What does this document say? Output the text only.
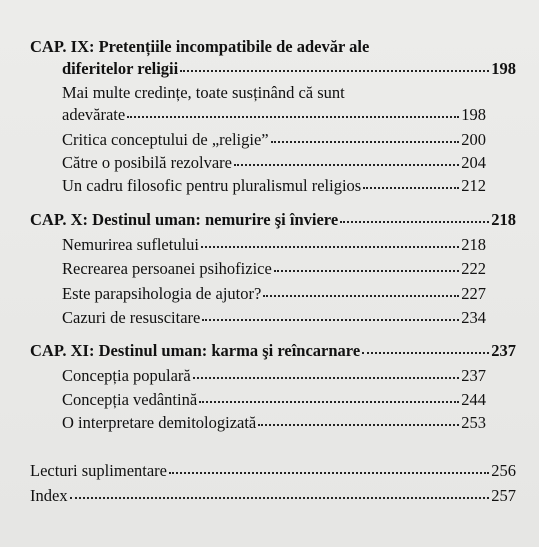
CAP. IX: Pretențiile incompatibile de adevăr ale
diferitelor religii	198
Mai multe credințe, toate susținând că sunt
adevărate	198
Critica conceptului de „religie”	200
Către o posibilă rezolvare	204
Un cadru filosofic pentru pluralismul religios	212
CAP. X: Destinul uman: nemurire şi înviere	218
Nemurirea sufletului	218
Recrearea persoanei psihofizice	222
Este parapsihologia de ajutor?	227
Cazuri de resuscitare	234
CAP. XI: Destinul uman: karma şi reîncarnare	237
Concepția populară	237
Concepția vedântină	244
O interpretare demitologizată	253
Lecturi suplimentare	256
Index	257
